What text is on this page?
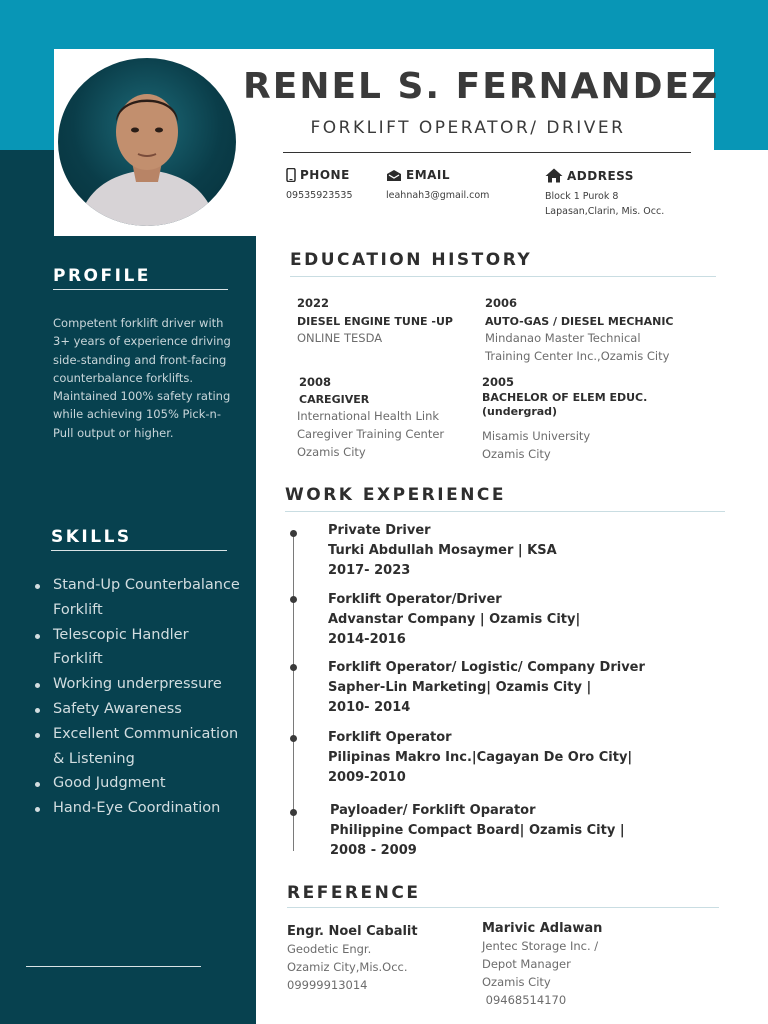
RENEL S. FERNANDEZ
FORKLIFT OPERATOR/ DRIVER
PHONE
09535923535
EMAIL
leahnah3@gmail.com
ADDRESS
Block 1 Purok 8
Lapasan,Clarin, Mis. Occ.
PROFILE
Competent forklift driver with 3+ years of experience driving side-standing and front-facing counterbalance forklifts. Maintained 100% safety rating while achieving 105% Pick-n-Pull output or higher.
SKILLS
Stand-Up Counterbalance Forklift
Telescopic Handler Forklift
Working underpressure
Safety Awareness
Excellent Communication & Listening
Good Judgment
Hand-Eye Coordination
EDUCATION HISTORY
2022
DIESEL ENGINE TUNE -UP
ONLINE TESDA
2006
AUTO-GAS / DIESEL MECHANIC
Mindanao Master Technical Training Center Inc.,Ozamis City
2008
CAREGIVER
International Health Link Caregiver Training Center Ozamis City
2005
BACHELOR OF ELEM EDUC. (undergrad)
Misamis University Ozamis City
WORK EXPERIENCE
Private Driver
Turki Abdullah Mosaymer | KSA
2017- 2023
Forklift Operator/Driver
Advanstar Company | Ozamis City|
2014-2016
Forklift Operator/ Logistic/ Company Driver
Sapher-Lin Marketing| Ozamis City |
2010- 2014
Forklift Operator
Pilipinas Makro Inc.|Cagayan De Oro City|
2009-2010
Payloader/ Forklift Oparator
Philippine Compact Board| Ozamis City |
2008 - 2009
REFERENCE
Engr. Noel Cabalit
Geodetic Engr.
Ozamiz City,Mis.Occ.
09999913014
Marivic Adlawan
Jentec Storage Inc. /
Depot Manager
Ozamis City
09468514170
